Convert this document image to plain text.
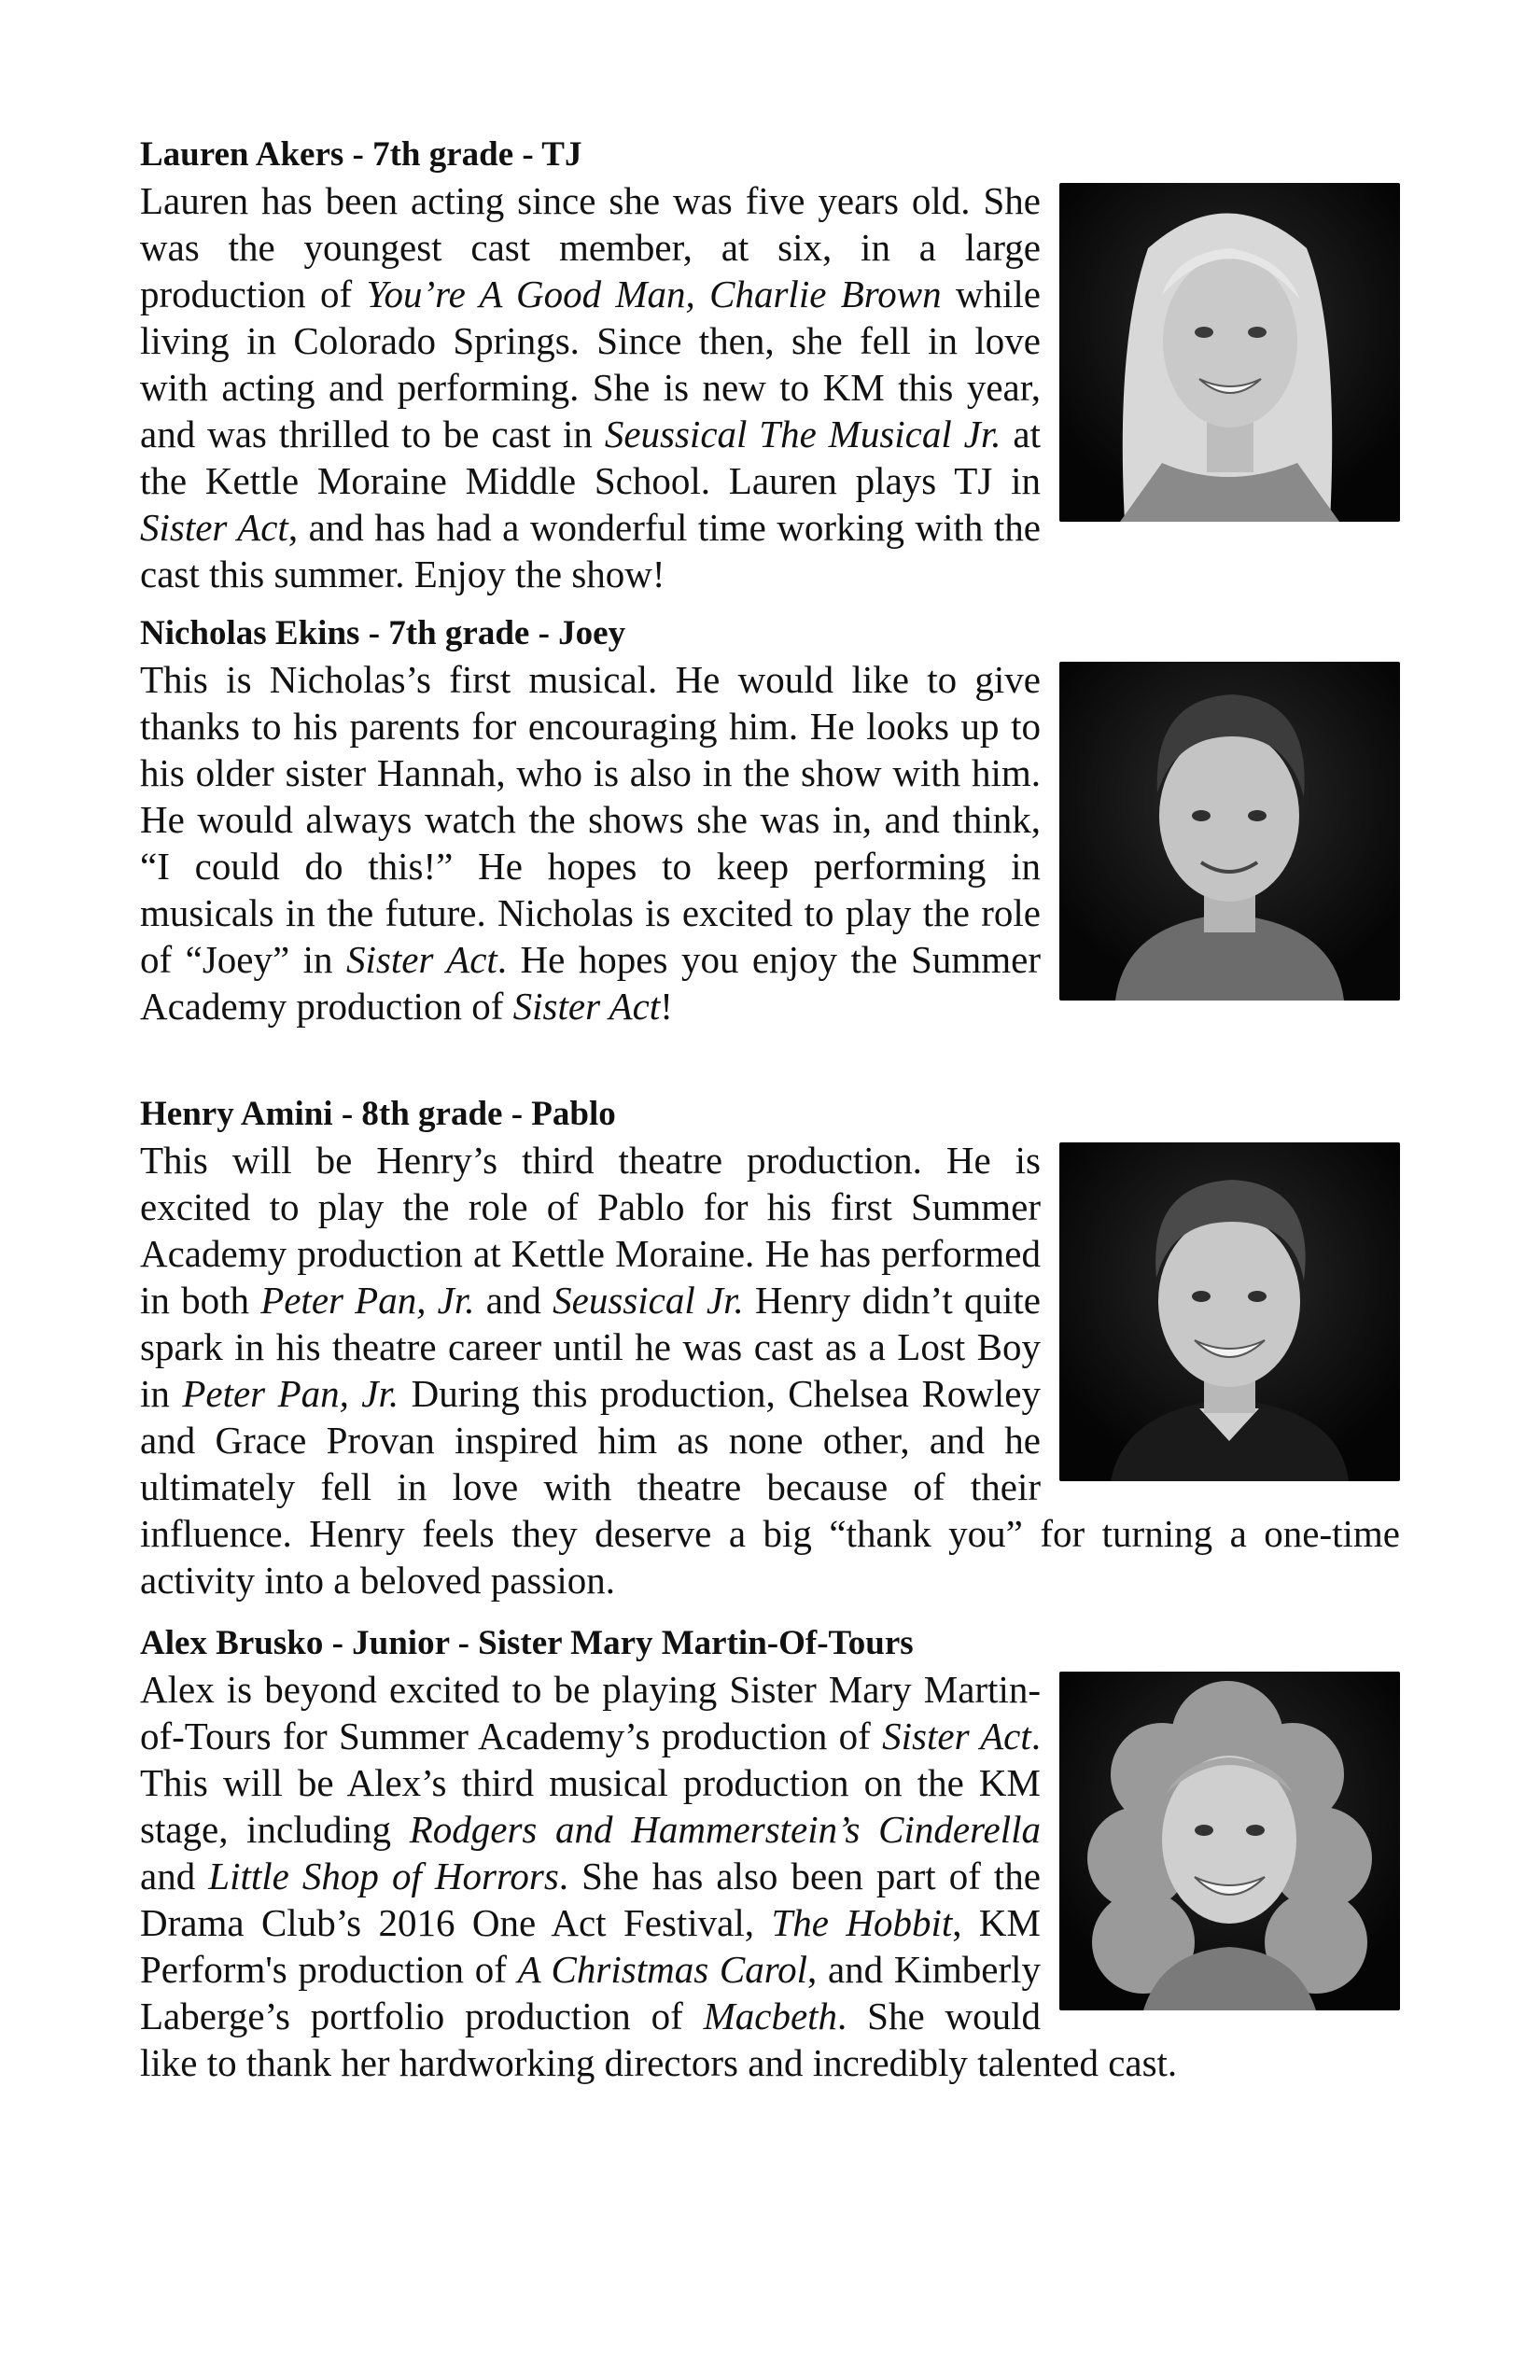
Lauren Akers - 7th grade - TJ

Lauren has been acting since she was five years old. She was the youngest cast member, at six, in a large production of You’re A Good Man, Charlie Brown while living in Colorado Springs. Since then, she fell in love with acting and performing. She is new to KM this year, and was thrilled to be cast in Seussical The Musical Jr. at the Kettle Moraine Middle School. Lauren plays TJ in Sister Act, and has had a wonderful time working with the cast this summer. Enjoy the show!

Nicholas Ekins - 7th grade - Joey

This is Nicholas’s first musical. He would like to give thanks to his parents for encouraging him. He looks up to his older sister Hannah, who is also in the show with him. He would always watch the shows she was in, and think, “I could do this!” He hopes to keep performing in musicals in the future. Nicholas is excited to play the role of “Joey” in Sister Act. He hopes you enjoy the Summer Academy production of Sister Act!

Henry Amini - 8th grade - Pablo

This will be Henry’s third theatre production. He is excited to play the role of Pablo for his first Summer Academy production at Kettle Moraine. He has performed in both Peter Pan, Jr. and Seussical Jr. Henry didn’t quite spark in his theatre career until he was cast as a Lost Boy in Peter Pan, Jr. During this production, Chelsea Rowley and Grace Provan inspired him as none other, and he ultimately fell in love with theatre because of their influence. Henry feels they deserve a big “thank you” for turning a one-time activity into a beloved passion.

Alex Brusko - Junior - Sister Mary Martin-Of-Tours

Alex is beyond excited to be playing Sister Mary Martin-of-Tours for Summer Academy’s production of Sister Act. This will be Alex’s third musical production on the KM stage, including Rodgers and Hammerstein’s Cinderella and Little Shop of Horrors. She has also been part of the Drama Club’s 2016 One Act Festival, The Hobbit, KM Perform's production of A Christmas Carol, and Kimberly Laberge’s portfolio production of Macbeth. She would like to thank her hardworking directors and incredibly talented cast.
